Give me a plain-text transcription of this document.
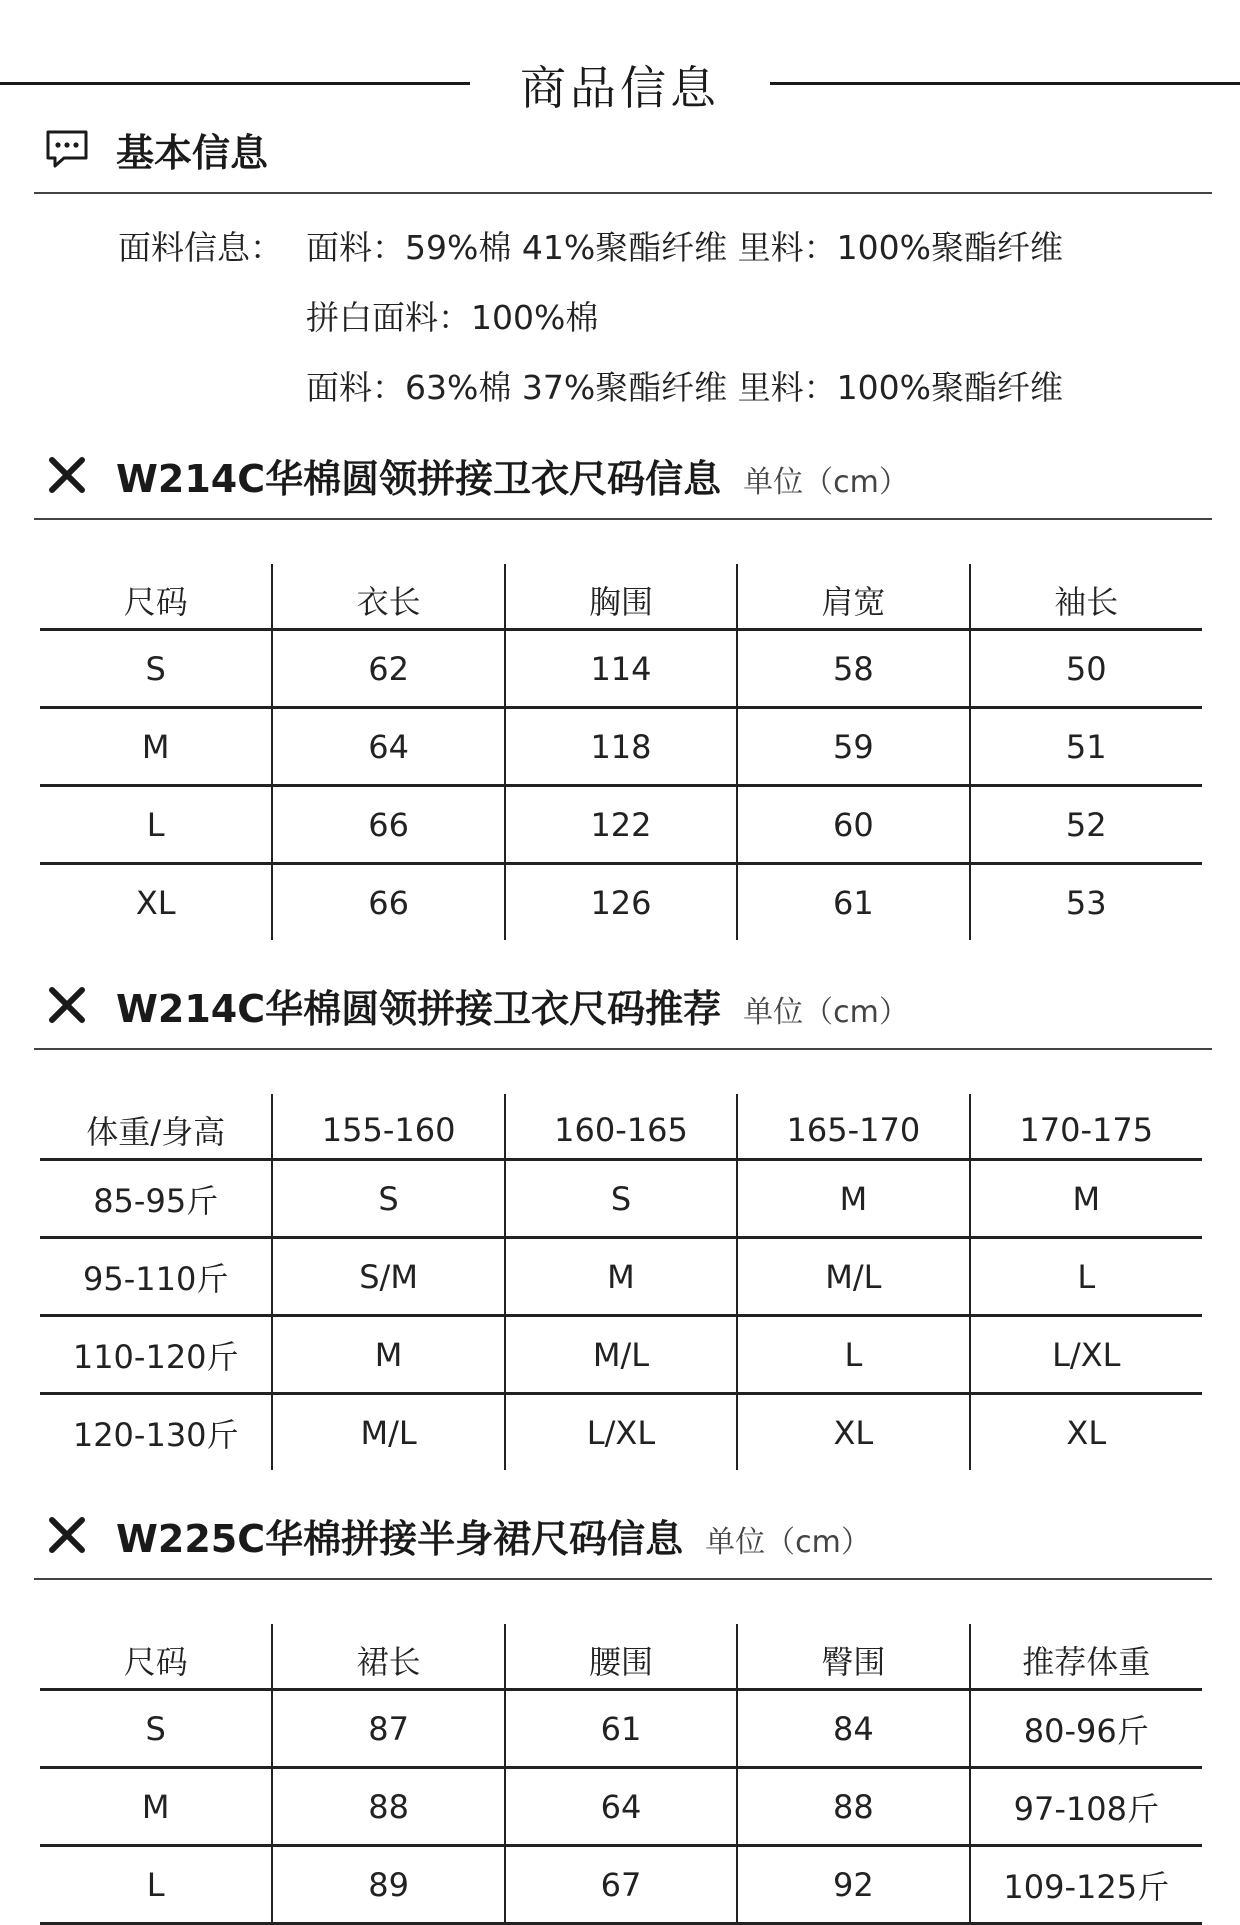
商品信息
基本信息
面料信息： 面料：59%棉 41%聚酯纤维 里料：100%聚酯纤维
拼白面料：100%棉
面料：63%棉 37%聚酯纤维 里料：100%聚酯纤维
W214C华棉圆领拼接卫衣尺码信息 单位（cm）
尺码	衣长	胸围	肩宽	袖长
S	62	114	58	50
M	64	118	59	51
L	66	122	60	52
XL	66	126	61	53
W214C华棉圆领拼接卫衣尺码推荐 单位（cm）
体重/身高	155-160	160-165	165-170	170-175
85-95斤	S	S	M	M
95-110斤	S/M	M	M/L	L
110-120斤	M	M/L	L	L/XL
120-130斤	M/L	L/XL	XL	XL
W225C华棉拼接半身裙尺码信息 单位（cm）
尺码	裙长	腰围	臀围	推荐体重
S	87	61	84	80-96斤
M	88	64	88	97-108斤
L	89	67	92	109-125斤
